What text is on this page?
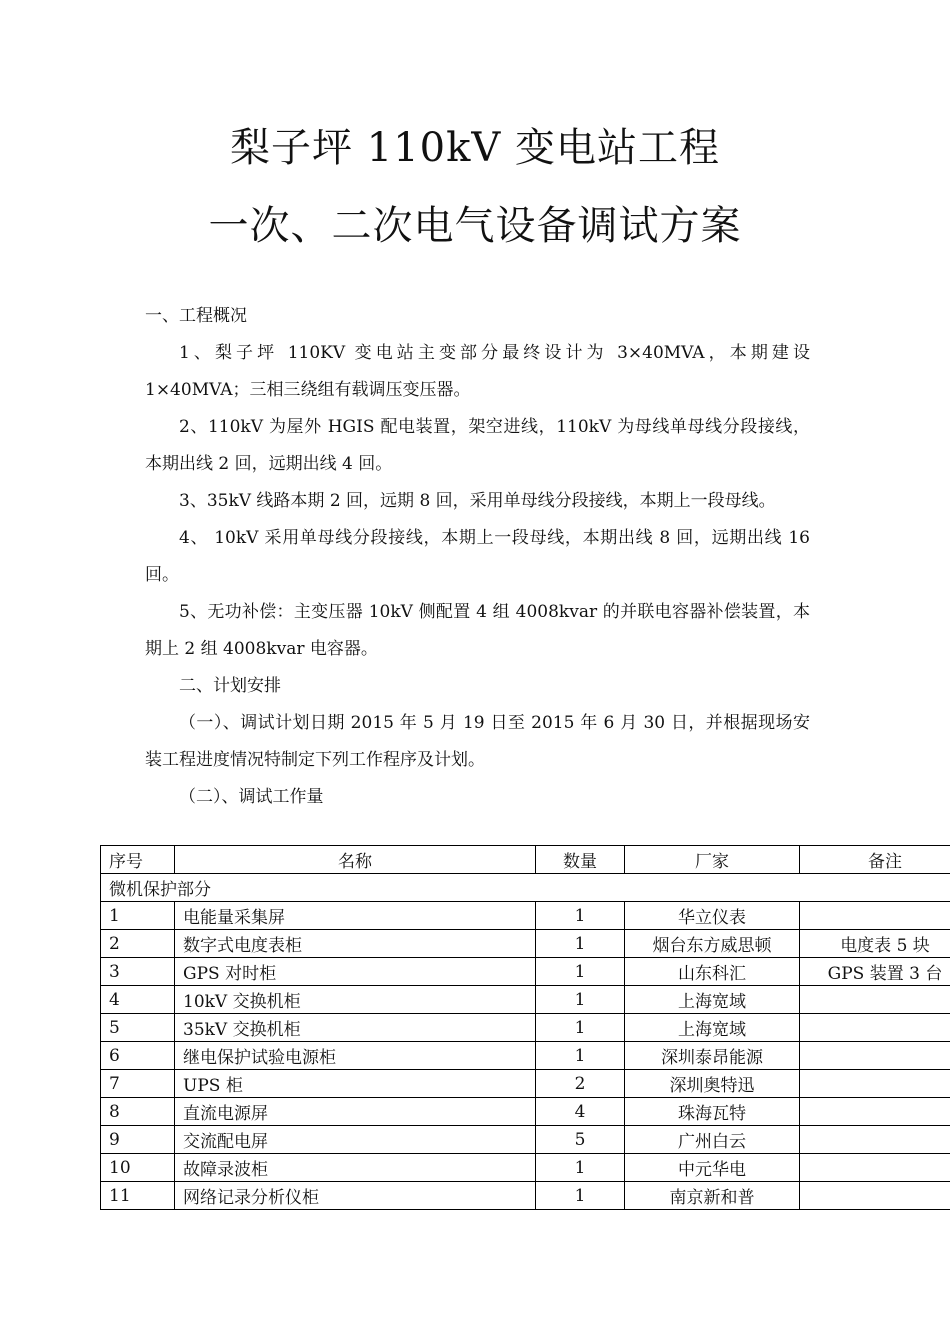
梨子坪 110kV 变电站工程
一次、二次电气设备调试方案
一、工程概况
1、梨子坪 110KV 变电站主变部分最终设计为 3×40MVA，本期建设 1×40MVA；三相三绕组有载调压变压器。
2、110kV 为屋外 HGIS 配电装置，架空进线，110kV 为母线单母线分段接线，本期出线 2 回，远期出线 4 回。
3、35kV 线路本期 2 回，远期 8 回，采用单母线分段接线，本期上一段母线。
4、 10kV 采用单母线分段接线，本期上一段母线，本期出线 8 回，远期出线 16 回。
5、无功补偿：主变压器 10kV 侧配置 4 组 4008kvar 的并联电容器补偿装置，本期上 2 组 4008kvar 电容器。
二、计划安排
（一）、调试计划日期 2015 年 5 月 19 日至 2015 年 6 月 30 日，并根据现场安装工程进度情况特制定下列工作程序及计划。
（二）、调试工作量
序号	名称	数量	厂家	备注
微机保护部分				
1	电能量采集屏	1	华立仪表	
2	数字式电度表柜	1	烟台东方威思顿	电度表 5 块
3	GPS 对时柜	1	山东科汇	GPS 装置 3 台
4	10kV 交换机柜	1	上海宽域	
5	35kV 交换机柜	1	上海宽域	
6	继电保护试验电源柜	1	深圳泰昂能源	
7	UPS 柜	2	深圳奥特迅	
8	直流电源屏	4	珠海瓦特	
9	交流配电屏	5	广州白云	
10	故障录波柜	1	中元华电	
11	网络记录分析仪柜	1	南京新和普	
